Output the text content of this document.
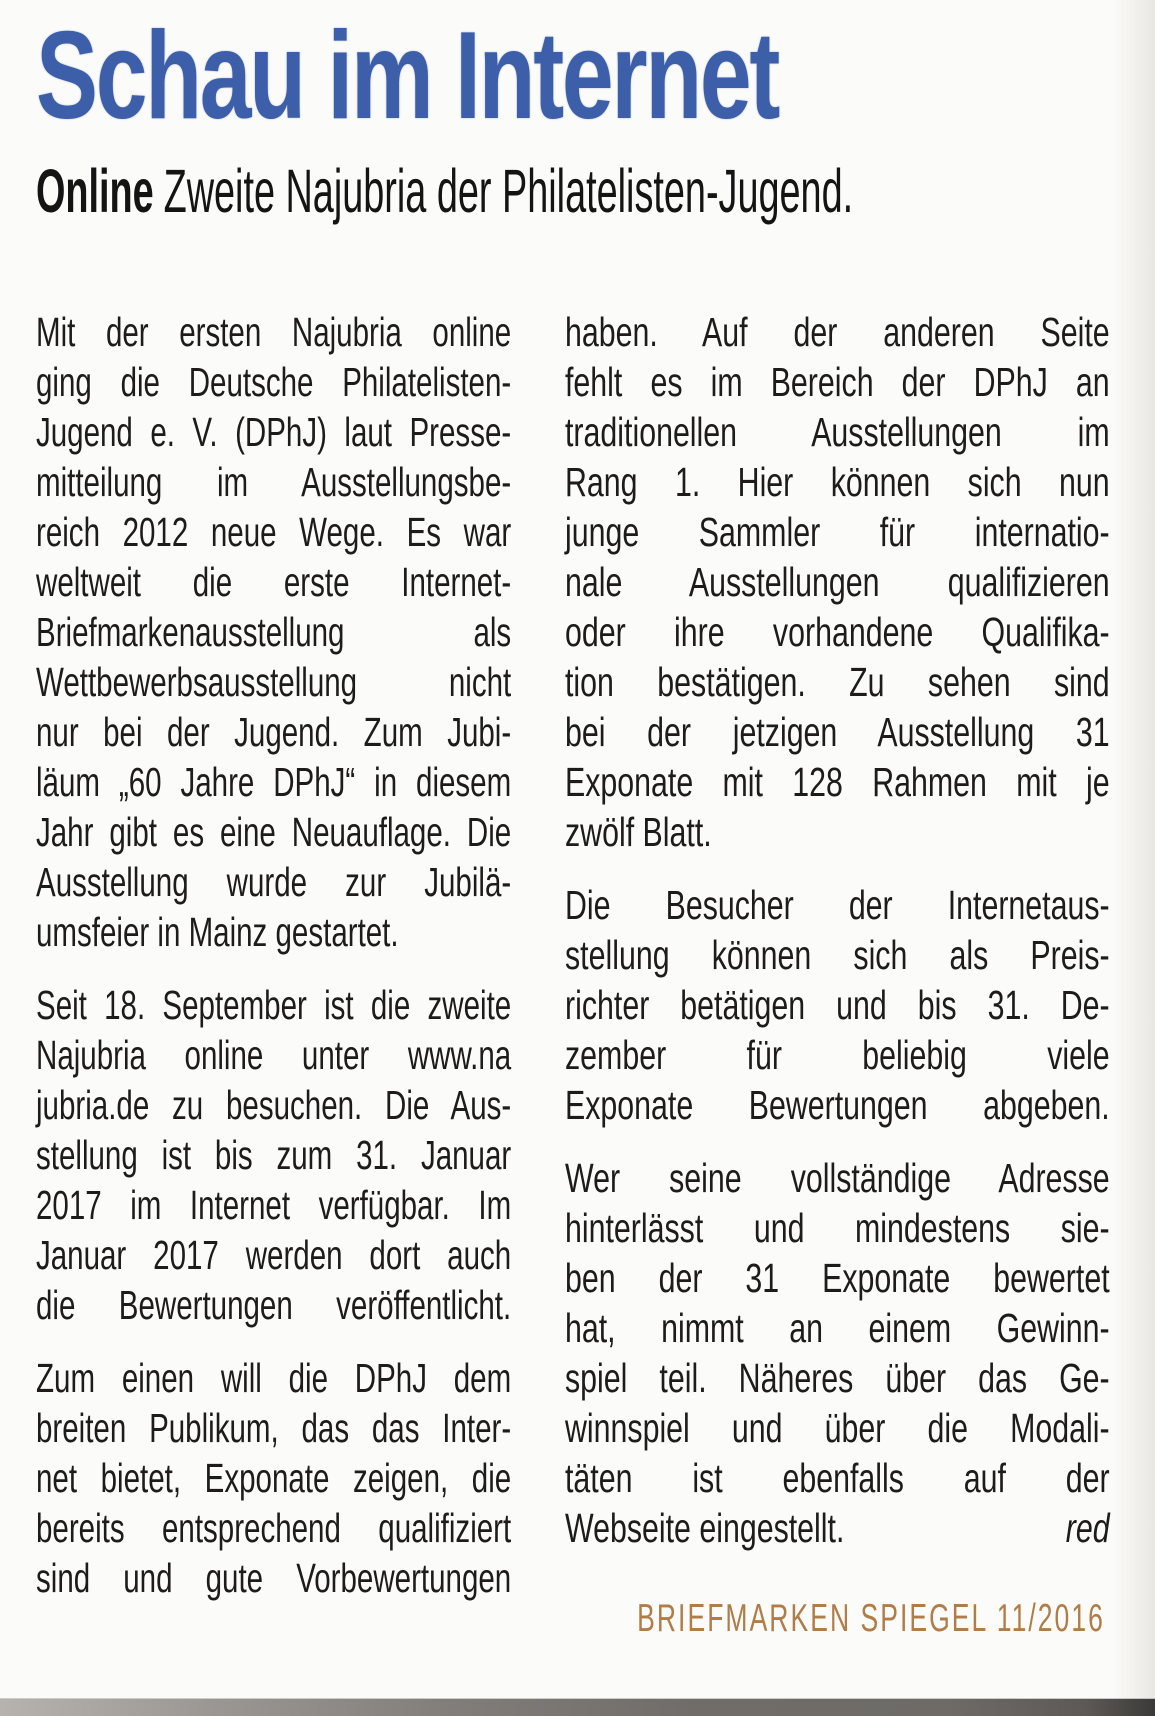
Schau im Internet

Online Zweite Najubria der Philatelisten-Jugend.

Mit der ersten Najubria online
ging die Deutsche Philatelisten-
Jugend e. V. (DPhJ) laut Presse-
mitteilung im Ausstellungsbe-
reich 2012 neue Wege. Es war
weltweit die erste Internet-
Briefmarkenausstellung als
Wettbewerbsausstellung nicht
nur bei der Jugend. Zum Jubi-
läum „60 Jahre DPhJ“ in diesem
Jahr gibt es eine Neuauflage. Die
Ausstellung wurde zur Jubilä-
umsfeier in Mainz gestartet.
Seit 18. September ist die zweite
Najubria online unter www.na
jubria.de zu besuchen. Die Aus-
stellung ist bis zum 31. Januar
2017 im Internet verfügbar. Im
Januar 2017 werden dort auch
die Bewertungen veröffentlicht.
Zum einen will die DPhJ dem
breiten Publikum, das das Inter-
net bietet, Exponate zeigen, die
bereits entsprechend qualifiziert
sind und gute Vorbewertungen
haben. Auf der anderen Seite
fehlt es im Bereich der DPhJ an
traditionellen Ausstellungen im
Rang 1. Hier können sich nun
junge Sammler für internatio-
nale Ausstellungen qualifizieren
oder ihre vorhandene Qualifika-
tion bestätigen. Zu sehen sind
bei der jetzigen Ausstellung 31
Exponate mit 128 Rahmen mit je
zwölf Blatt.
Die Besucher der Internetaus-
stellung können sich als Preis-
richter betätigen und bis 31. De-
zember für beliebig viele
Exponate Bewertungen abgeben.
Wer seine vollständige Adresse
hinterlässt und mindestens sie-
ben der 31 Exponate bewertet
hat, nimmt an einem Gewinn-
spiel teil. Näheres über das Ge-
winnspiel und über die Modali-
täten ist ebenfalls auf der
Webseite eingestellt.	red

BRIEFMARKEN SPIEGEL 11/2016
